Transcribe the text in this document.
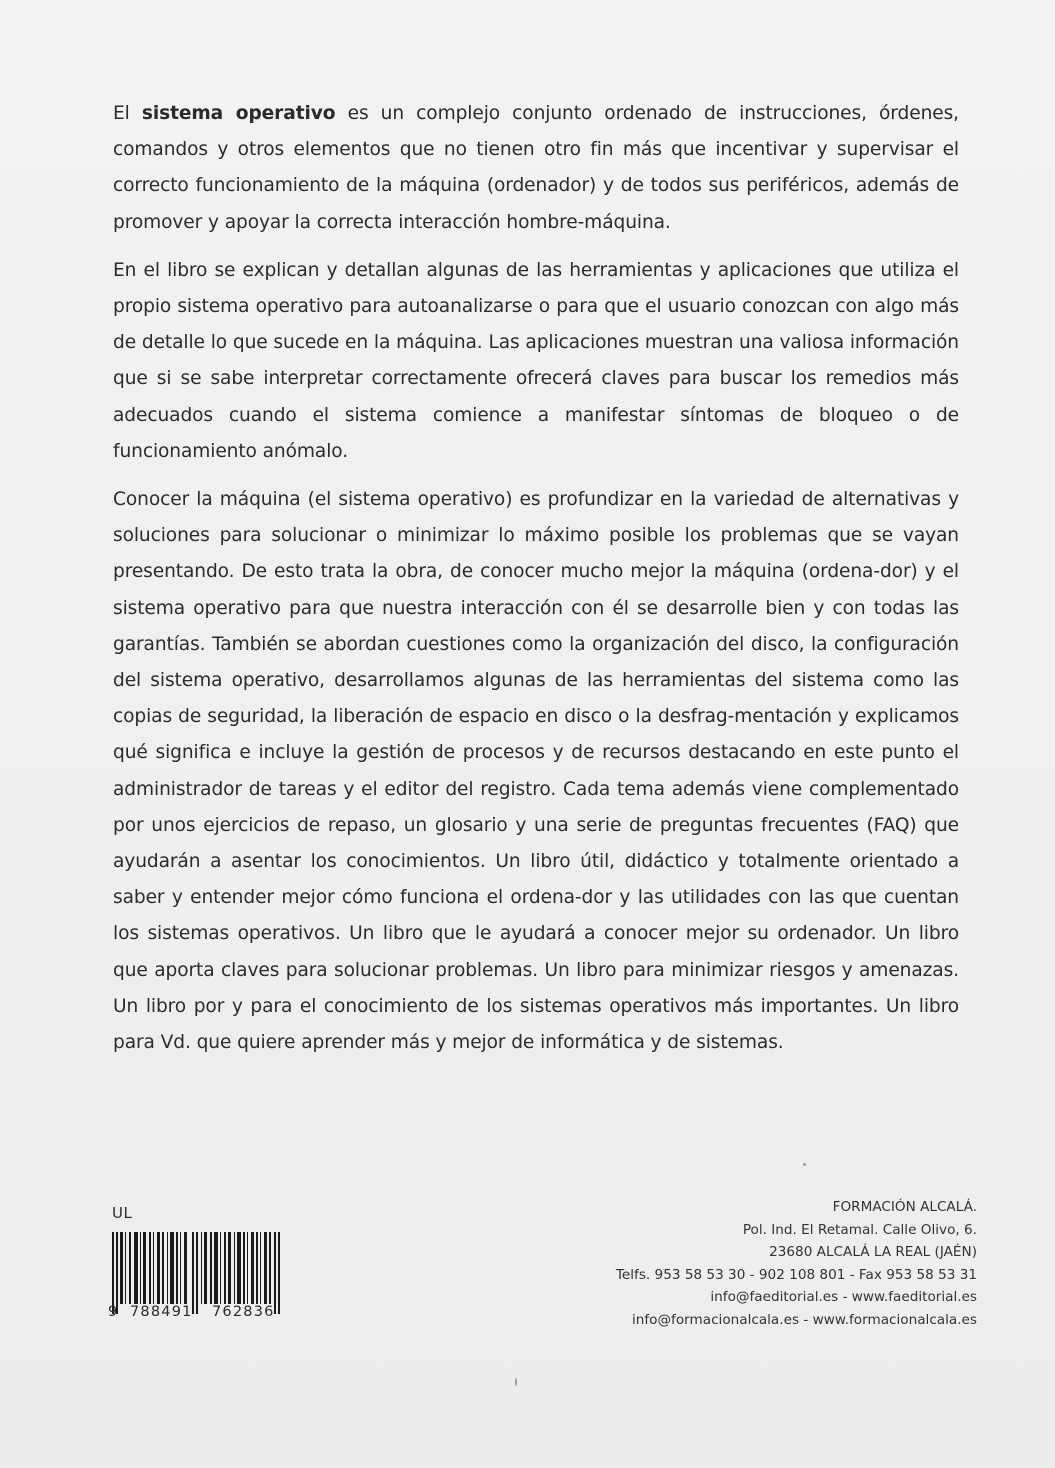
El sistema operativo es un complejo conjunto ordenado de instrucciones, órdenes, comandos y otros elementos que no tienen otro fin más que incentivar y supervisar el correcto funcionamiento de la máquina (ordenador) y de todos sus periféricos, además de promover y apoyar la correcta interacción hombre-máquina.

En el libro se explican y detallan algunas de las herramientas y aplicaciones que utiliza el propio sistema operativo para autoanalizarse o para que el usuario conozcan con algo más de detalle lo que sucede en la máquina. Las aplicaciones muestran una valiosa información que si se sabe interpretar correctamente ofrecerá claves para buscar los remedios más adecuados cuando el sistema comience a manifestar síntomas de bloqueo o de funcionamiento anómalo.

Conocer la máquina (el sistema operativo) es profundizar en la variedad de alternativas y soluciones para solucionar o minimizar lo máximo posible los problemas que se vayan presentando. De esto trata la obra, de conocer mucho mejor la máquina (ordena-dor) y el sistema operativo para que nuestra interacción con él se desarrolle bien y con todas las garantías. También se abordan cuestiones como la organización del disco, la configuración del sistema operativo, desarrollamos algunas de las herramientas del sistema como las copias de seguridad, la liberación de espacio en disco o la desfrag-mentación y explicamos qué significa e incluye la gestión de procesos y de recursos destacando en este punto el administrador de tareas y el editor del registro. Cada tema además viene complementado por unos ejercicios de repaso, un glosario y una serie de preguntas frecuentes (FAQ) que ayudarán a asentar los conocimientos. Un libro útil, didáctico y totalmente orientado a saber y entender mejor cómo funciona el ordena-dor y las utilidades con las que cuentan los sistemas operativos. Un libro que le ayudará a conocer mejor su ordenador. Un libro que aporta claves para solucionar problemas. Un libro para minimizar riesgos y amenazas. Un libro por y para el conocimiento de los sistemas operativos más importantes. Un libro para Vd. que quiere aprender más y mejor de informática y de sistemas.

UL
9 788491 762836
FORMACIÓN ALCALÁ.
Pol. Ind. El Retamal. Calle Olivo, 6.
23680 ALCALÁ LA REAL (JAÉN)
Telfs. 953 58 53 30 - 902 108 801 - Fax 953 58 53 31
info@faeditorial.es - www.faeditorial.es
info@formacionalcala.es - www.formacionalcala.es
